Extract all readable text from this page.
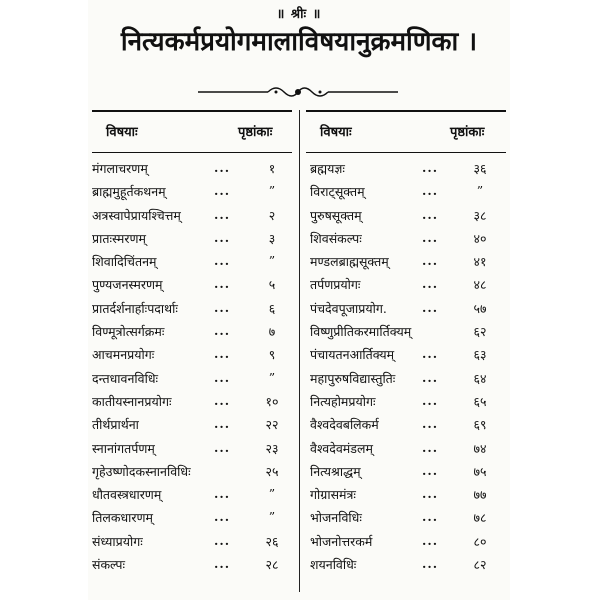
॥ श्रीः ॥
नित्यकर्मप्रयोगमालाविषयानुक्रमणिका ।
विषयाः	पृष्ठांकाः	विषयाः	पृष्ठांकाः
मंगलाचरणम्	...	१
ब्राह्ममुहूर्तकथनम्	...	”
अत्रस्वापेप्रायश्चित्तम्	...	२
प्रातःस्मरणम्	...	३
शिवादिचिंतनम्	...	”
पुण्यजनस्मरणम्	...	५
प्रातर्दर्शनार्हाःपदार्थाः	...	६
विण्मूत्रोत्सर्गक्रमः	...	७
आचमनप्रयोगः	...	९
दन्तधावनविधिः	...	”
कातीयस्नानप्रयोगः	...	१०
तीर्थप्रार्थना	...	२२
स्नानांगतर्पणम्	...	२३
गृहेउष्णोदकस्नानविधिः	२५
धौतवस्त्रधारणम्	...	”
तिलकधारणम्	...	”
संध्याप्रयोगः	...	२६
संकल्पः	...	२८
ब्रह्मयज्ञः	...	३६
विराट्सूक्तम्	...	”
पुरुषसूक्तम्	...	३८
शिवसंकल्पः	...	४०
मण्डलब्राह्मसूक्तम्	...	४१
तर्पणप्रयोगः	...	४८
पंचदेवपूजाप्रयोग.	...	५७
विष्णुप्रीतिकरमार्तिक्यम्	६२
पंचायतनआर्तिक्यम् ...	६३
महापुरुषविद्यास्तुतिः ...	६४
नित्यहोमप्रयोगः	...	६५
वैश्वदेवबलिकर्म	...	६९
वैश्वदेवमंडलम्	...	७४
नित्यश्राद्धम्	...	७५
गोग्रासमंत्रः	...	७७
भोजनविधिः	...	७८
भोजनोत्तरकर्म	...	८०
शयनविधिः	...	८२
